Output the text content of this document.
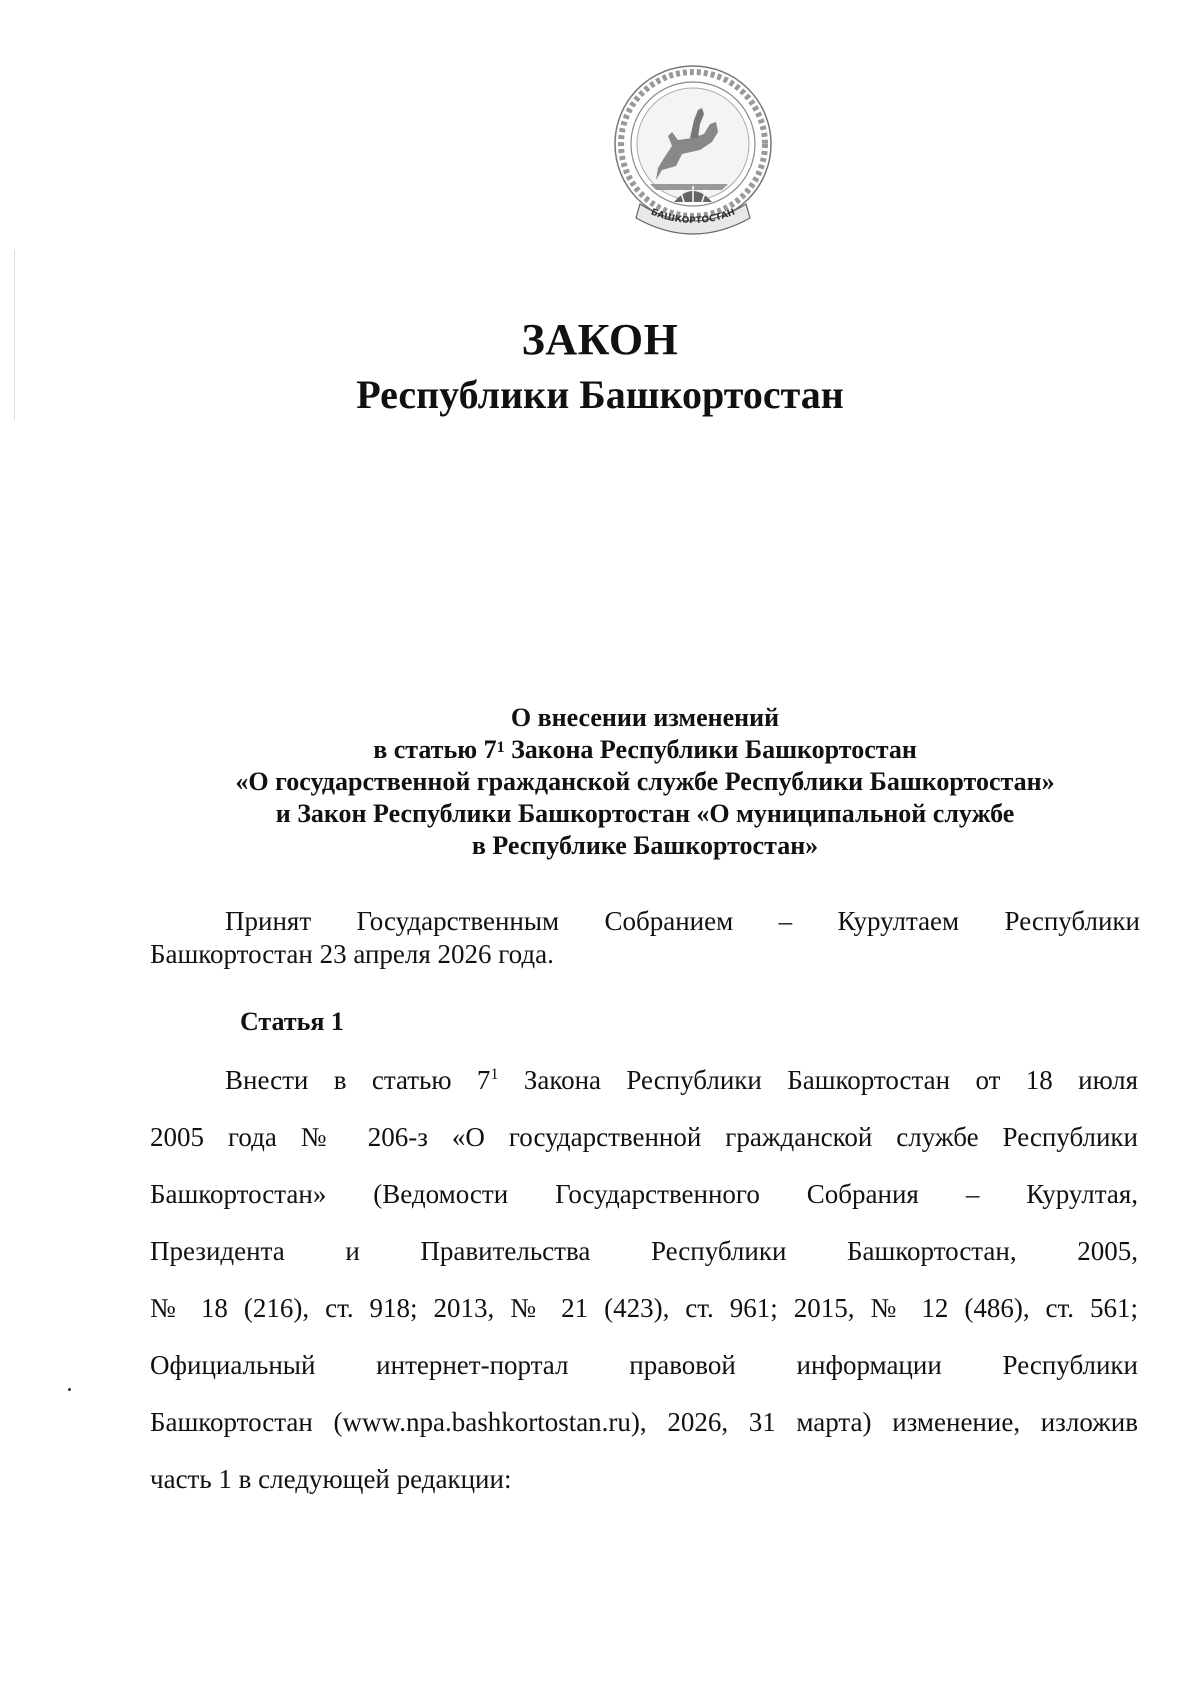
БАШКОРТОСТАН
ЗАКОН
Республики Башкортостан
О внесении изменений
в статью $7^1$ Закона Республики Башкортостан
«О государственной гражданской службе Республики Башкортостан»
и Закон Республики Башкортостан «О муниципальной службе
в Республике Башкортостан»
Принят Государственным Собранием – Курултаем Республики
Башкортостан 23 апреля 2026 года.
Статья 1
Внести в статью $7^1$ Закона Республики Башкортостан от 18 июля
2005 года № 206-з «О государственной гражданской службе Республики
Башкортостан» (Ведомости Государственного Собрания – Курултая,
Президента и Правительства Республики Башкортостан, 2005,
№ 18 (216), ст. 918; 2013, № 21 (423), ст. 961; 2015, № 12 (486), ст. 561;
Официальный интернет-портал правовой информации Республики
Башкортостан (www.npa.bashkortostan.ru), 2026, 31 марта) изменение, изложив
часть 1 в следующей редакции:
